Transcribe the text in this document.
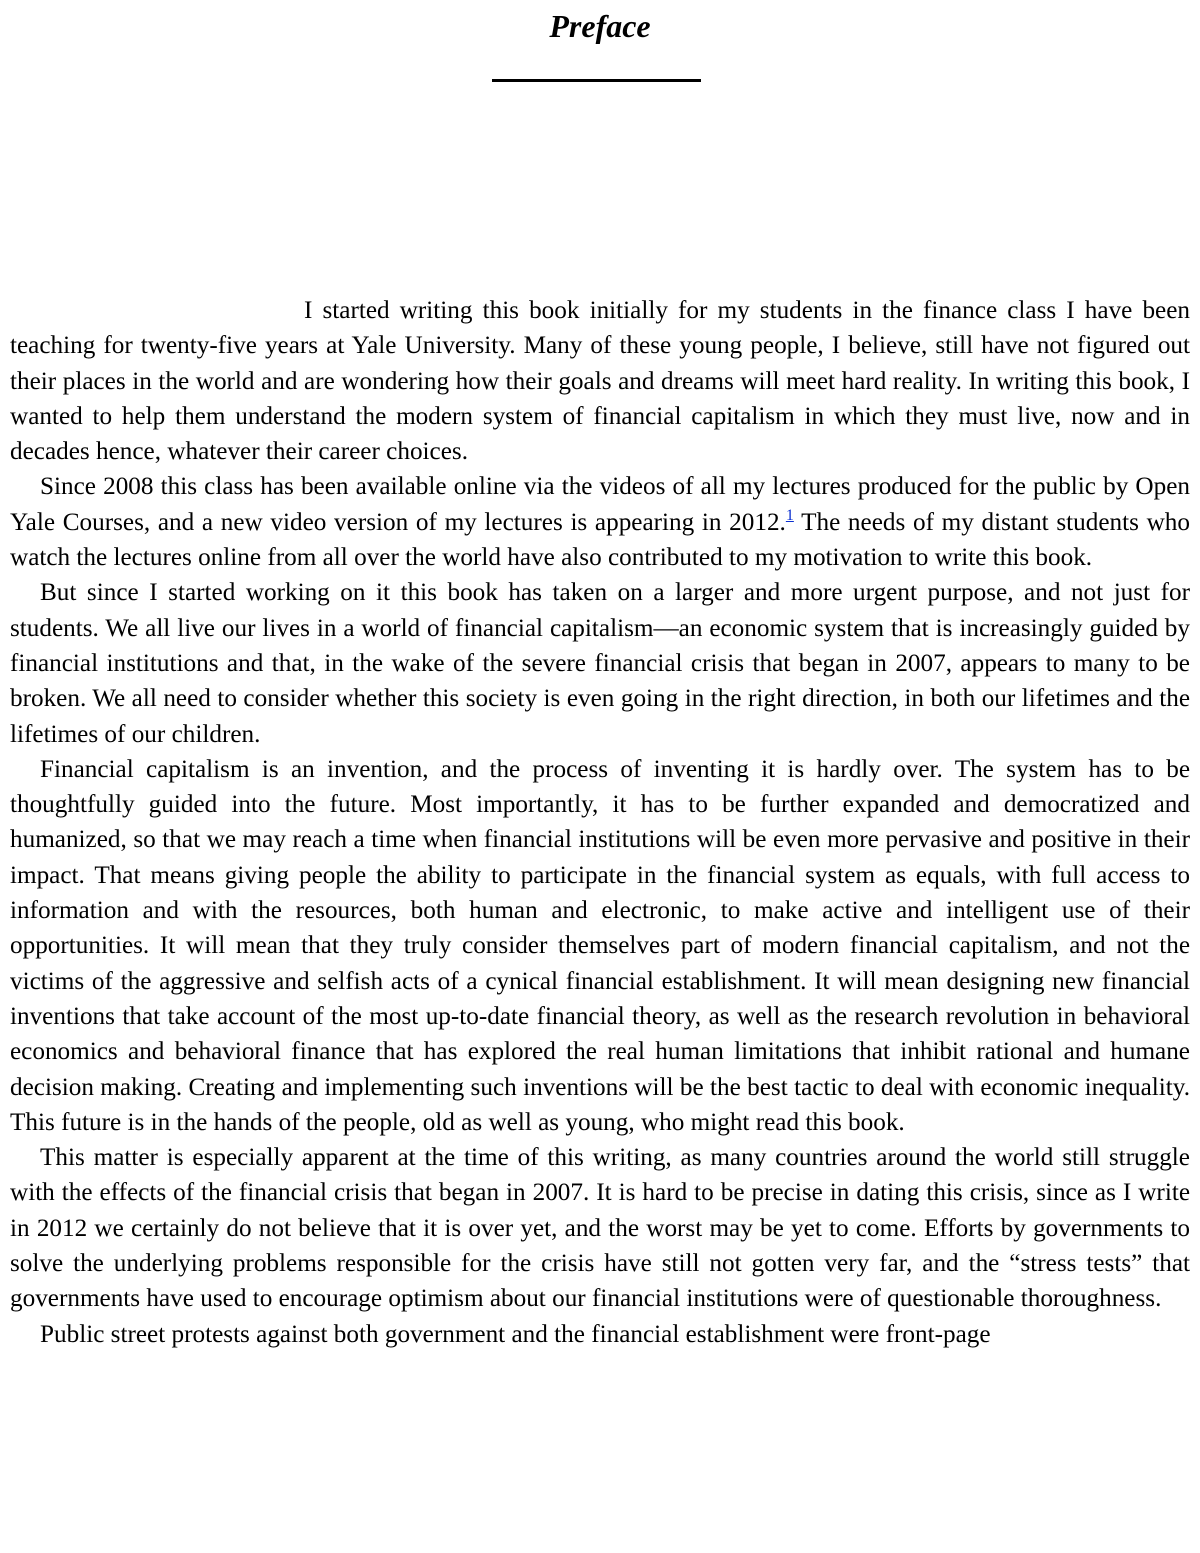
Preface

I started writing this book initially for my students in the finance class I have been teaching for twenty-five years at Yale University. Many of these young people, I believe, still have not figured out their places in the world and are wondering how their goals and dreams will meet hard reality. In writing this book, I wanted to help them understand the modern system of financial capitalism in which they must live, now and in decades hence, whatever their career choices.

Since 2008 this class has been available online via the videos of all my lectures produced for the public by Open Yale Courses, and a new video version of my lectures is appearing in 2012.$^1$ The needs of my distant students who watch the lectures online from all over the world have also contributed to my motivation to write this book.

But since I started working on it this book has taken on a larger and more urgent purpose, and not just for students. We all live our lives in a world of financial capitalism—an economic system that is increasingly guided by financial institutions and that, in the wake of the severe financial crisis that began in 2007, appears to many to be broken. We all need to consider whether this society is even going in the right direction, in both our lifetimes and the lifetimes of our children.

Financial capitalism is an invention, and the process of inventing it is hardly over. The system has to be thoughtfully guided into the future. Most importantly, it has to be further expanded and democratized and humanized, so that we may reach a time when financial institutions will be even more pervasive and positive in their impact. That means giving people the ability to participate in the financial system as equals, with full access to information and with the resources, both human and electronic, to make active and intelligent use of their opportunities. It will mean that they truly consider themselves part of modern financial capitalism, and not the victims of the aggressive and selfish acts of a cynical financial establishment. It will mean designing new financial inventions that take account of the most up-to-date financial theory, as well as the research revolution in behavioral economics and behavioral finance that has explored the real human limitations that inhibit rational and humane decision making. Creating and implementing such inventions will be the best tactic to deal with economic inequality. This future is in the hands of the people, old as well as young, who might read this book.

This matter is especially apparent at the time of this writing, as many countries around the world still struggle with the effects of the financial crisis that began in 2007. It is hard to be precise in dating this crisis, since as I write in 2012 we certainly do not believe that it is over yet, and the worst may be yet to come. Efforts by governments to solve the underlying problems responsible for the crisis have still not gotten very far, and the “stress tests” that governments have used to encourage optimism about our financial institutions were of questionable thoroughness.

Public street protests against both government and the financial establishment were front-page
